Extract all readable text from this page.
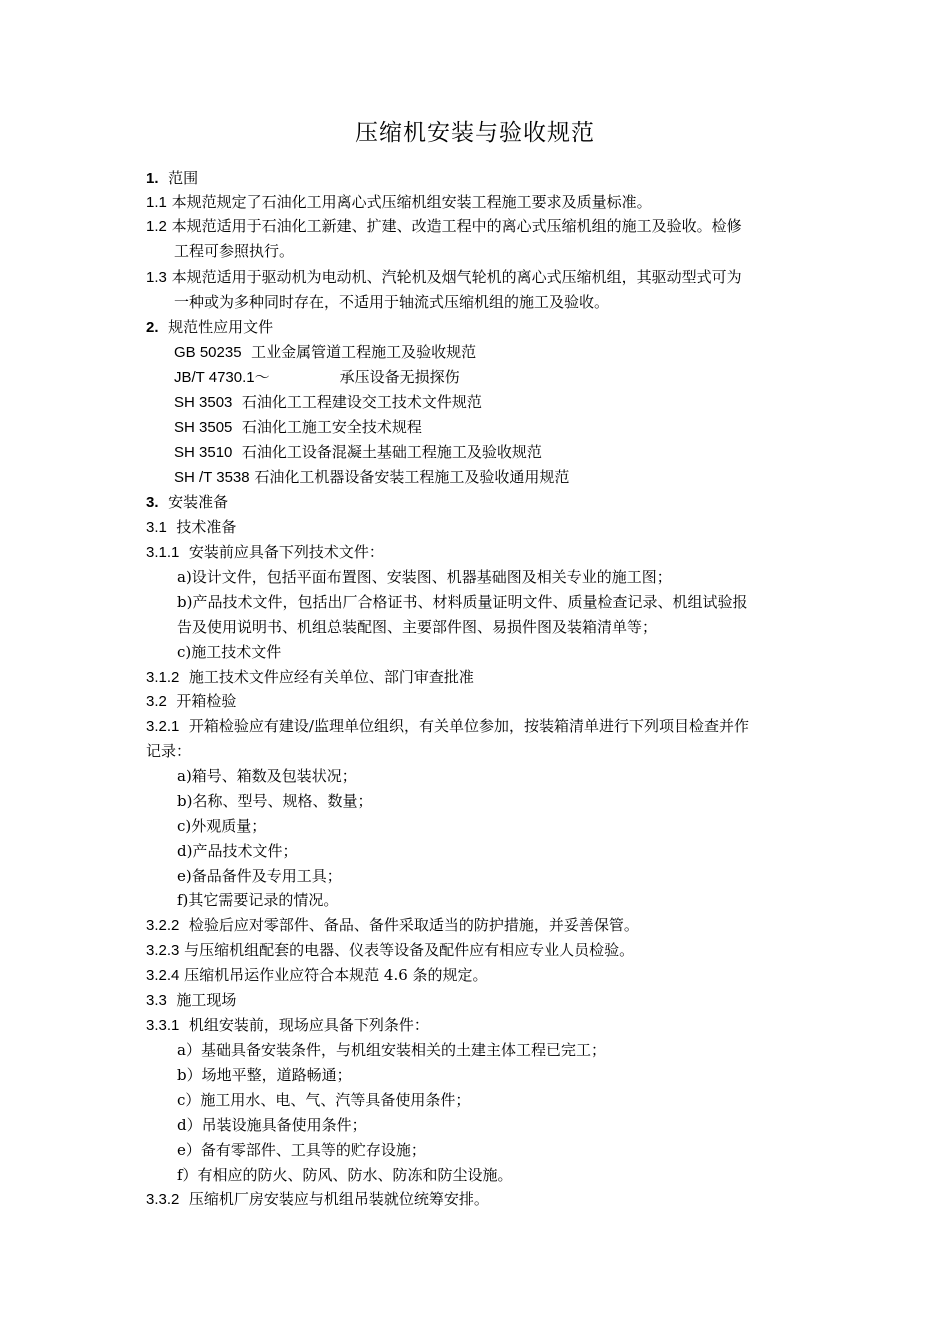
压缩机安装与验收规范
1. 范围
1.1 本规范规定了石油化工用离心式压缩机组安装工程施工要求及质量标准。
1.2 本规范适用于石油化工新建、扩建、改造工程中的离心式压缩机组的施工及验收。检修
工程可参照执行。
1.3 本规范适用于驱动机为电动机、汽轮机及烟气轮机的离心式压缩机组，其驱动型式可为
一种或为多种同时存在，不适用于轴流式压缩机组的施工及验收。
2. 规范性应用文件
GB 50235 工业金属管道工程施工及验收规范
JB/T 4730.1～	承压设备无损探伤
SH 3503 石油化工工程建设交工技术文件规范
SH 3505 石油化工施工安全技术规程
SH 3510 石油化工设备混凝土基础工程施工及验收规范
SH /T 3538 石油化工机器设备安装工程施工及验收通用规范
3. 安装准备
3.1 技术准备
3.1.1 安装前应具备下列技术文件：
a)设计文件，包括平面布置图、安装图、机器基础图及相关专业的施工图；
b)产品技术文件，包括出厂合格证书、材料质量证明文件、质量检查记录、机组试验报
告及使用说明书、机组总装配图、主要部件图、易损件图及装箱清单等；
c)施工技术文件
3.1.2 施工技术文件应经有关单位、部门审查批准
3.2 开箱检验
3.2.1 开箱检验应有建设/监理单位组织，有关单位参加，按装箱清单进行下列项目检查并作
记录：
a)箱号、箱数及包装状况；
b)名称、型号、规格、数量；
c)外观质量；
d)产品技术文件；
e)备品备件及专用工具；
f)其它需要记录的情况。
3.2.2 检验后应对零部件、备品、备件采取适当的防护措施，并妥善保管。
3.2.3 与压缩机组配套的电器、仪表等设备及配件应有相应专业人员检验。
3.2.4 压缩机吊运作业应符合本规范 4.6 条的规定。
3.3 施工现场
3.3.1 机组安装前，现场应具备下列条件：
a）基础具备安装条件，与机组安装相关的土建主体工程已完工；
b）场地平整，道路畅通；
c）施工用水、电、气、汽等具备使用条件；
d）吊装设施具备使用条件；
e）备有零部件、工具等的贮存设施；
f）有相应的防火、防风、防水、防冻和防尘设施。
3.3.2 压缩机厂房安装应与机组吊装就位统筹安排。
